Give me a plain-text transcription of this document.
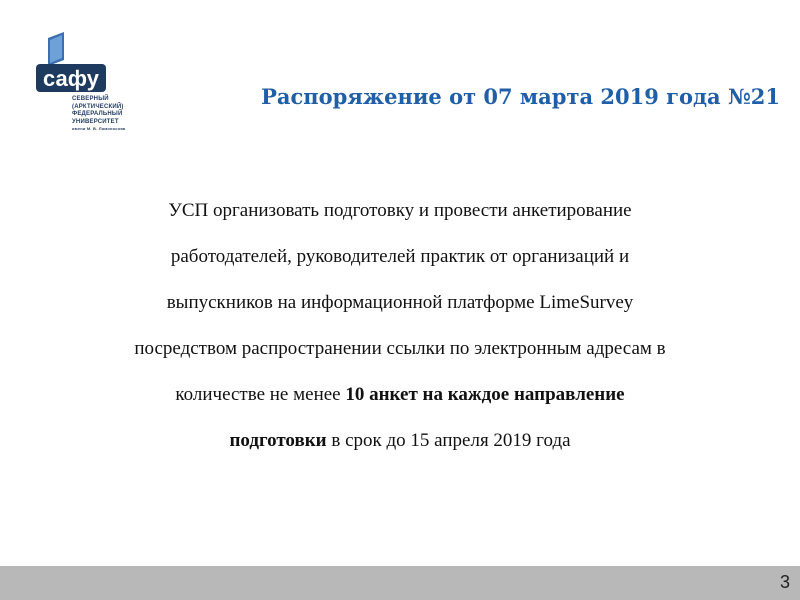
сафу
СЕВЕРНЫЙ
(АРКТИЧЕСКИЙ)
ФЕДЕРАЛЬНЫЙ
УНИВЕРСИТЕТ
имени М. В. Ломоносова
Распоряжение от 07 марта 2019 года №21
УСП организовать подготовку и провести анкетирование
работодателей, руководителей практик от организаций и
выпускников на информационной платформе LimeSurvey
посредством распространении ссылки по электронным адресам в
количестве не менее 10 анкет на каждое направление
подготовки в срок до 15 апреля 2019 года
3
